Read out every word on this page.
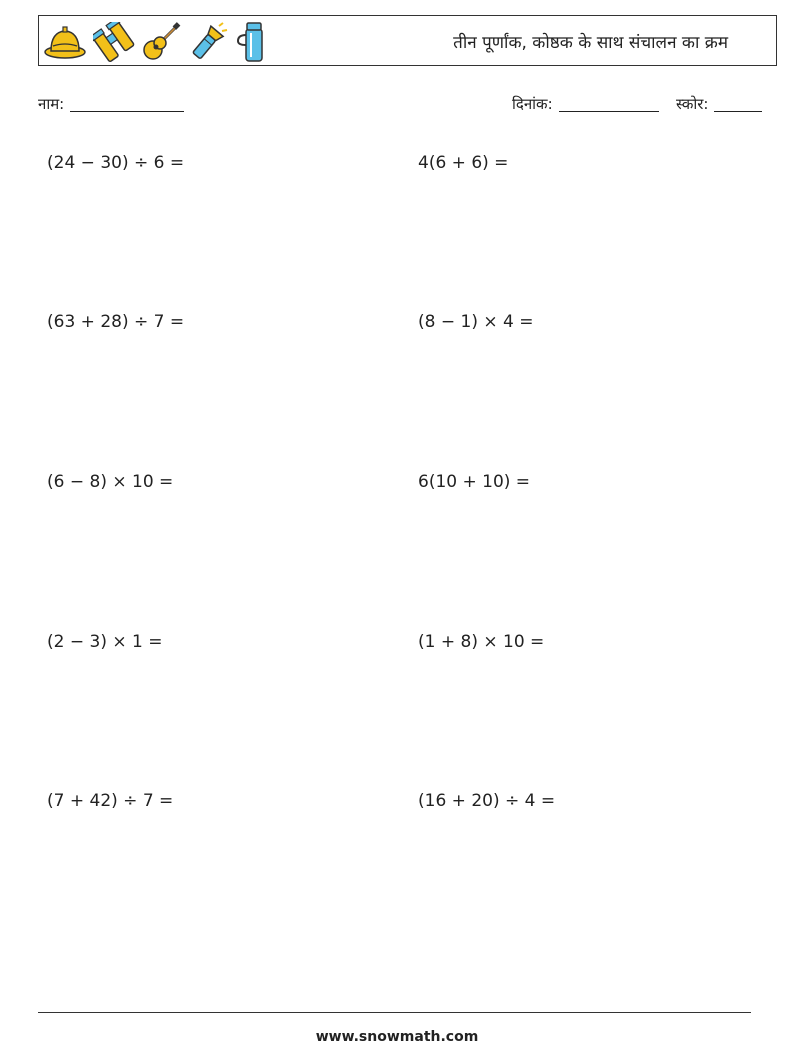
तीन पूर्णांक, कोष्ठक के साथ संचालन का क्रम
नाम:	दिनांक:	स्कोर:
(24 − 30) ÷ 6 =	4(6 + 6) =
(63 + 28) ÷ 7 =	(8 − 1) × 4 =
(6 − 8) × 10 =	6(10 + 10) =
(2 − 3) × 1 =	(1 + 8) × 10 =
(7 + 42) ÷ 7 =	(16 + 20) ÷ 4 =
www.snowmath.com
